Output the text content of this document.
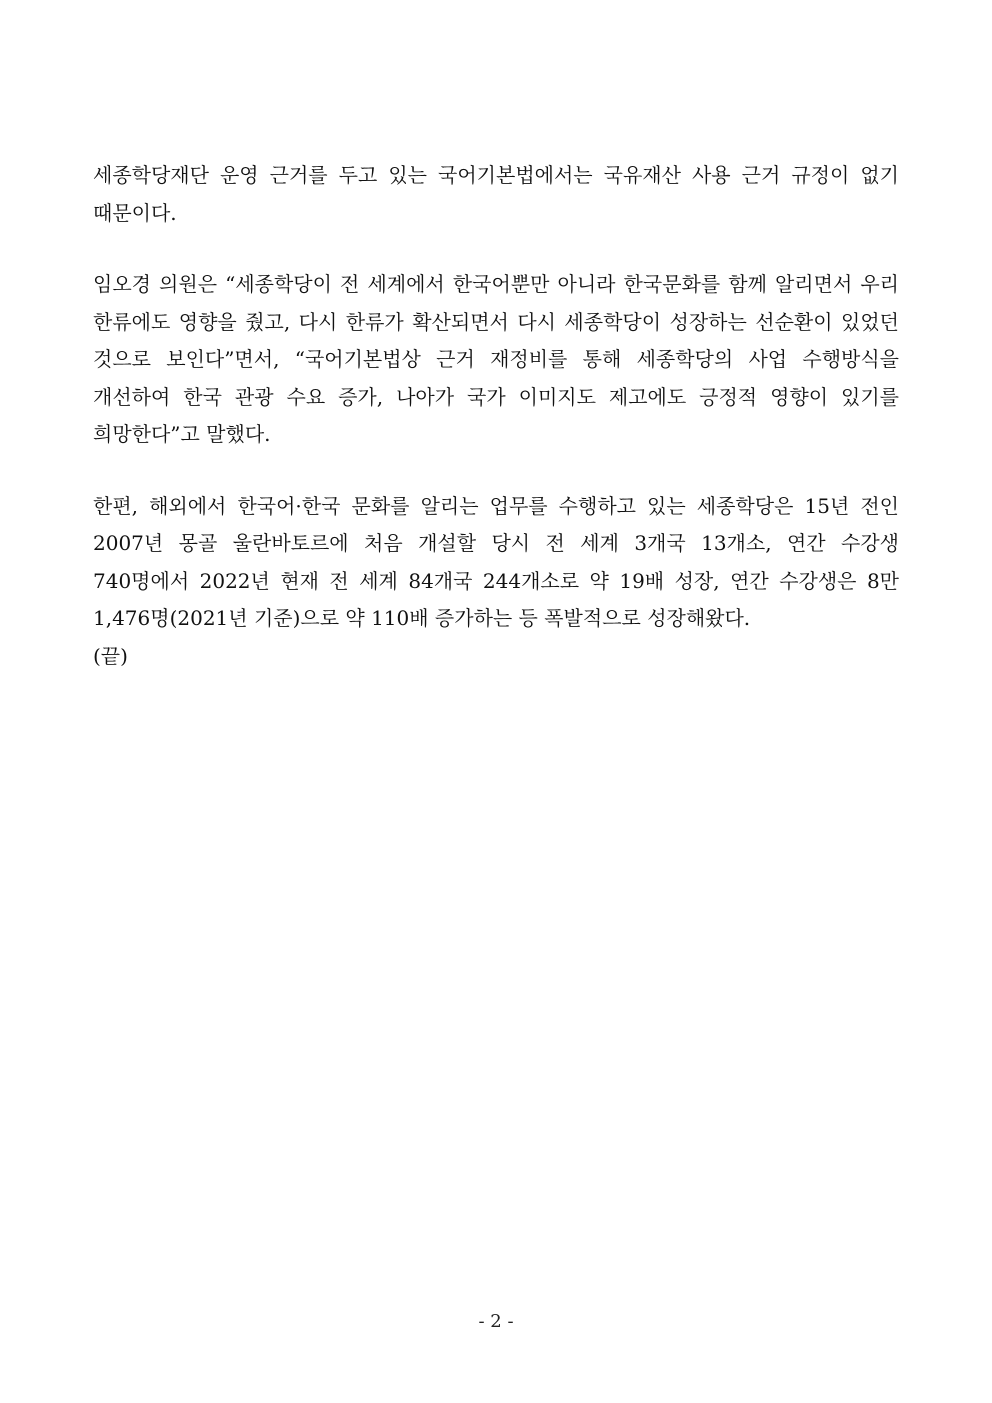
세종학당재단 운영 근거를 두고 있는 국어기본법에서는 국유재산 사용 근거 규정이 없기 때문이다.

임오경 의원은 “세종학당이 전 세계에서 한국어뿐만 아니라 한국문화를 함께 알리면서 우리 한류에도 영향을 줬고, 다시 한류가 확산되면서 다시 세종학당이 성장하는 선순환이 있었던 것으로 보인다”면서, “국어기본법상 근거 재정비를 통해 세종학당의 사업 수행방식을 개선하여 한국 관광 수요 증가, 나아가 국가 이미지도 제고에도 긍정적 영향이 있기를 희망한다”고 말했다.

한편, 해외에서 한국어·한국 문화를 알리는 업무를 수행하고 있는 세종학당은 15년 전인 2007년 몽골 울란바토르에 처음 개설할 당시 전 세계 3개국 13개소, 연간 수강생 740명에서 2022년 현재 전 세계 84개국 244개소로 약 19배 성장, 연간 수강생은 8만 1,476명(2021년 기준)으로 약 110배 증가하는 등 폭발적으로 성장해왔다.

(끝)

- 2 -
